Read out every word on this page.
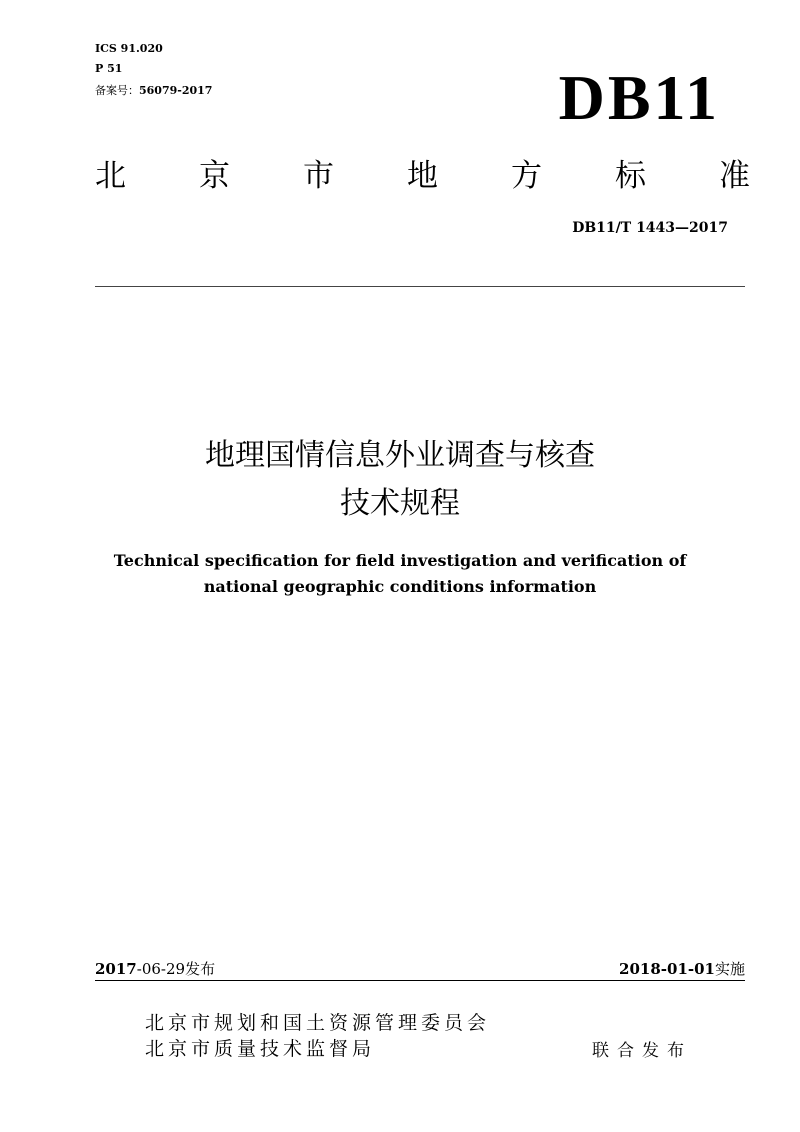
ICS 91.020
P 51
备案号：56079-2017	DB11
北 京 市 地 方 标 准
DB11/T 1443—2017
地理国情信息外业调查与核查
技术规程
Technical specification for field investigation and verification of
national geographic conditions information
2017-06-29发布	2018-01-01实施
北京市规划和国土资源管理委员会
北京市质量技术监督局	联合发布
